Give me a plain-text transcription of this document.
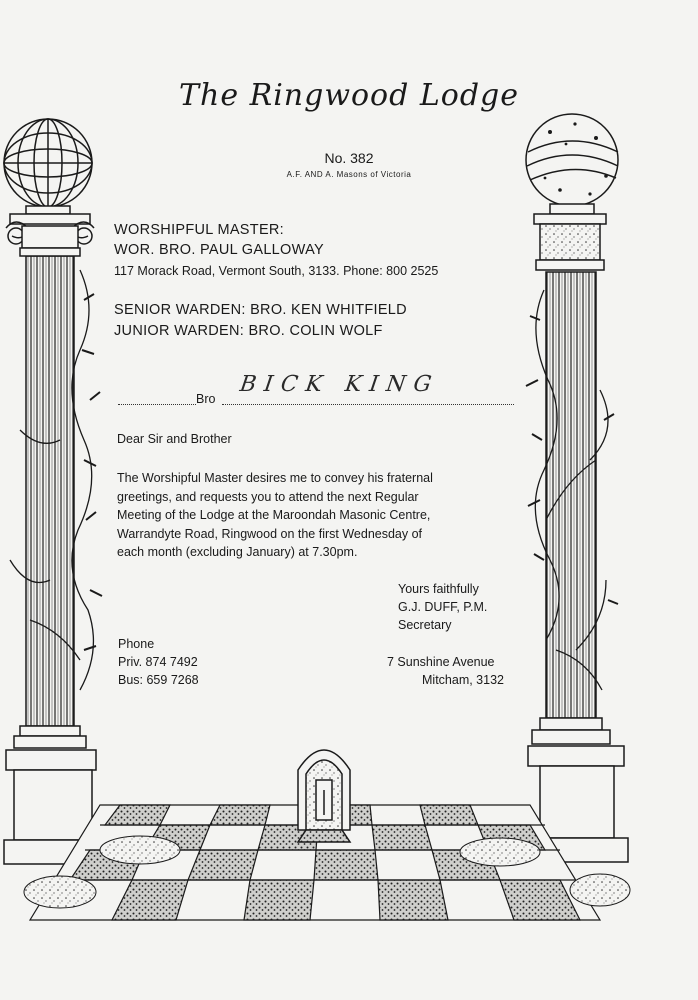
The Ringwood Lodge
No. 382
A.F. AND A. Masons of Victoria
WORSHIPFUL MASTER:
WOR. BRO. PAUL GALLOWAY
117 Morack Road, Vermont South, 3133. Phone: 800 2525
SENIOR WARDEN: BRO. KEN WHITFIELD
JUNIOR WARDEN: BRO. COLIN WOLF
Bro
BICK KING
Dear Sir and Brother
The Worshipful Master desires me to convey his fraternal
greetings, and requests you to attend the next Regular
Meeting of the Lodge at the Maroondah Masonic Centre,
Warrandyte Road, Ringwood on the first Wednesday of
each month (excluding January) at 7.30pm.
Yours faithfully
G.J. DUFF, P.M.
Secretary
Phone
Priv. 874 7492
Bus: 659 7268
7 Sunshine Avenue
Mitcham, 3132
